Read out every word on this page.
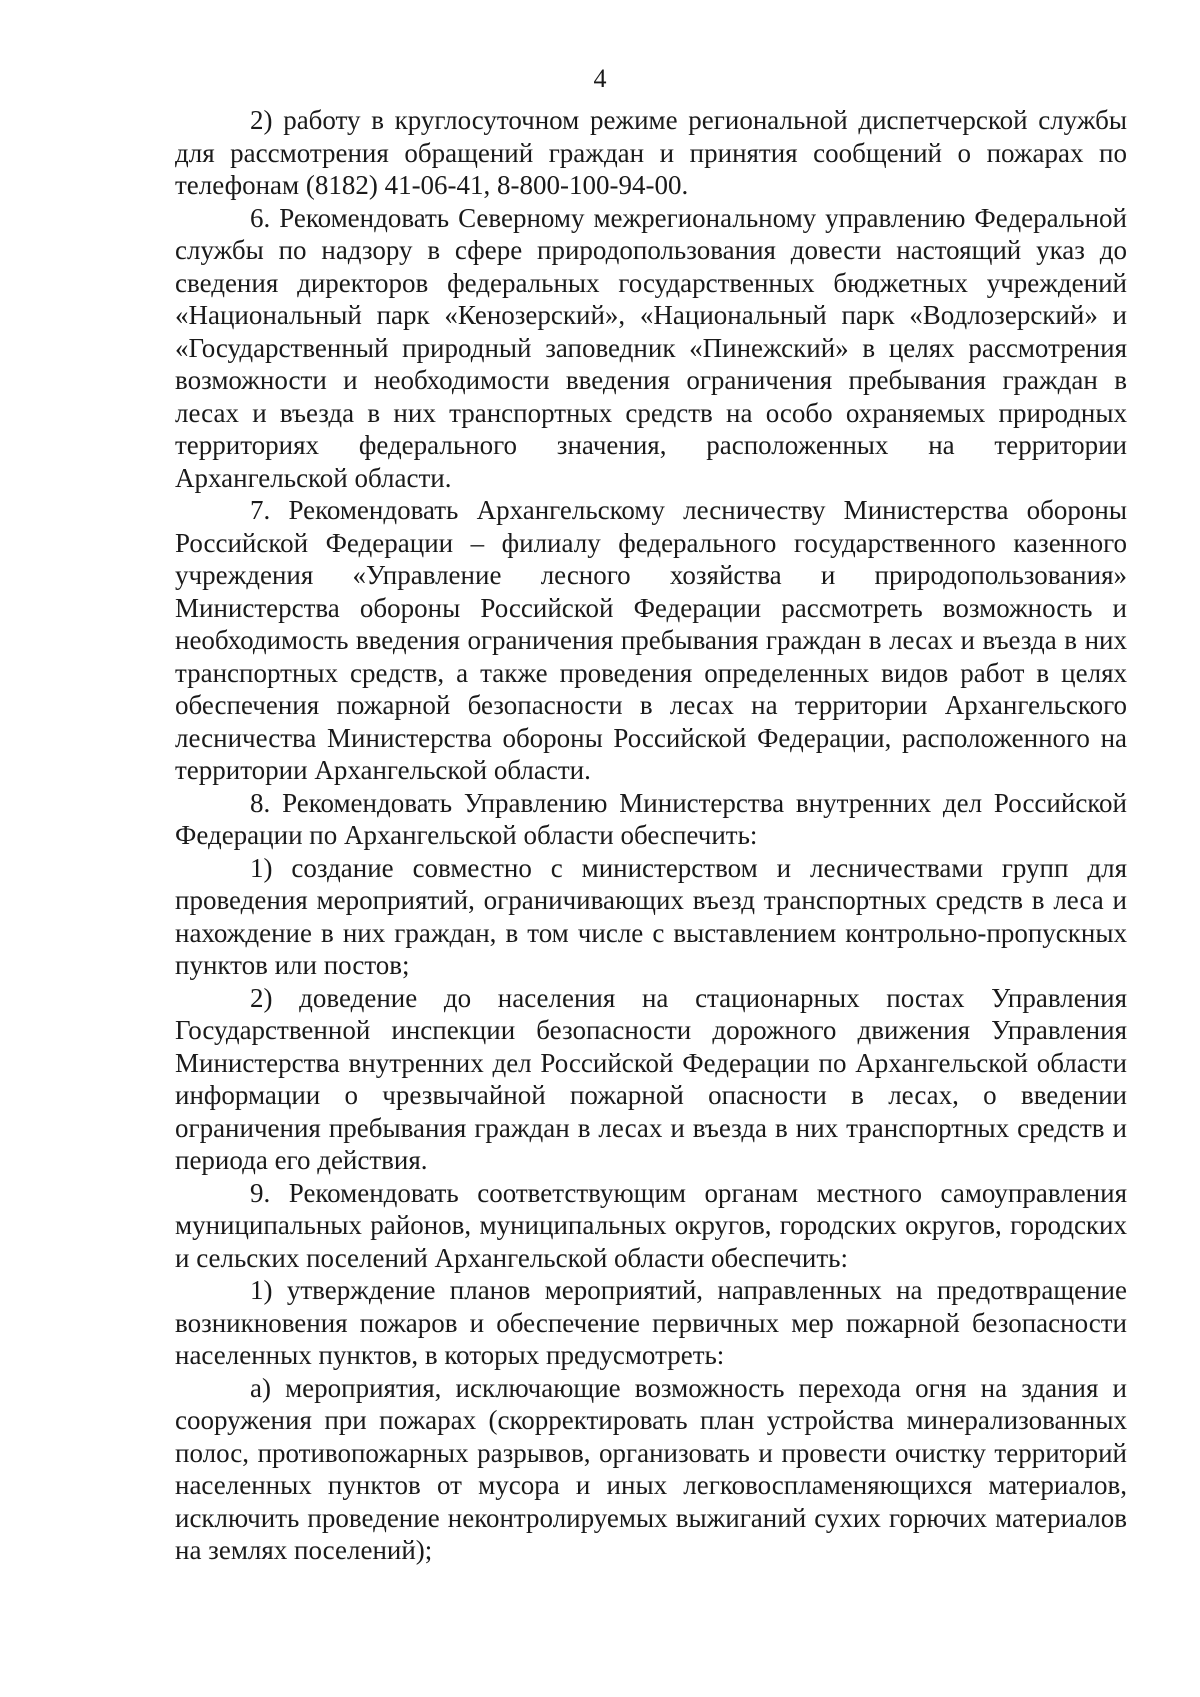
4

2) работу в круглосуточном режиме региональной диспетчерской службы для рассмотрения обращений граждан и принятия сообщений о пожарах по телефонам (8182) 41-06-41, 8-800-100-94-00.

6. Рекомендовать Северному межрегиональному управлению Федеральной службы по надзору в сфере природопользования довести настоящий указ до сведения директоров федеральных государственных бюджетных учреждений «Национальный парк «Кенозерский», «Национальный парк «Водлозерский» и «Государственный природный заповедник «Пинежский» в целях рассмотрения возможности и необходимости введения ограничения пребывания граждан в лесах и въезда в них транспортных средств на особо охраняемых природных территориях федерального значения, расположенных на территории Архангельской области.

7. Рекомендовать Архангельскому лесничеству Министерства обороны Российской Федерации – филиалу федерального государственного казенного учреждения «Управление лесного хозяйства и природопользования» Министерства обороны Российской Федерации рассмотреть возможность и необходимость введения ограничения пребывания граждан в лесах и въезда в них транспортных средств, а также проведения определенных видов работ в целях обеспечения пожарной безопасности в лесах на территории Архангельского лесничества Министерства обороны Российской Федерации, расположенного на территории Архангельской области.

8. Рекомендовать Управлению Министерства внутренних дел Российской Федерации по Архангельской области обеспечить:

1) создание совместно с министерством и лесничествами групп для проведения мероприятий, ограничивающих въезд транспортных средств в леса и нахождение в них граждан, в том числе с выставлением контрольно-пропускных пунктов или постов;

2) доведение до населения на стационарных постах Управления Государственной инспекции безопасности дорожного движения Управления Министерства внутренних дел Российской Федерации по Архангельской области информации о чрезвычайной пожарной опасности в лесах, о введении ограничения пребывания граждан в лесах и въезда в них транспортных средств и периода его действия.

9. Рекомендовать соответствующим органам местного самоуправления муниципальных районов, муниципальных округов, городских округов, городских и сельских поселений Архангельской области обеспечить:

1) утверждение планов мероприятий, направленных на предотвращение возникновения пожаров и обеспечение первичных мер пожарной безопасности населенных пунктов, в которых предусмотреть:

а) мероприятия, исключающие возможность перехода огня на здания и сооружения при пожарах (скорректировать план устройства минерализованных полос, противопожарных разрывов, организовать и провести очистку территорий населенных пунктов от мусора и иных легковоспламеняющихся материалов, исключить проведение неконтролируемых выжиганий сухих горючих материалов на землях поселений);
